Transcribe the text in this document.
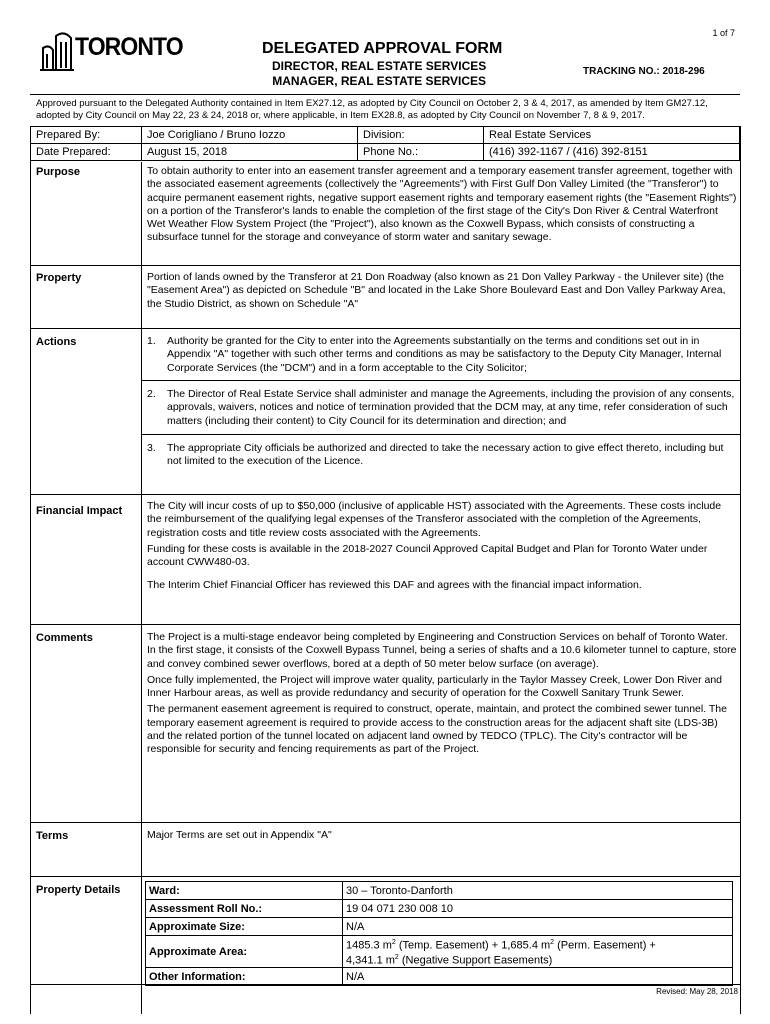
1 of 7
TORONTO	DELEGATED APPROVAL FORM
DIRECTOR, REAL ESTATE SERVICES
MANAGER, REAL ESTATE SERVICES
TRACKING NO.: 2018-296
Approved pursuant to the Delegated Authority contained in Item EX27.12, as adopted by City Council on October 2, 3 & 4, 2017, as amended by Item GM27.12, adopted by City Council on May 22, 23 & 24, 2018 or, where applicable, in Item EX28.8, as adopted by City Council on November 7, 8 & 9, 2017.
Prepared By:	Joe Corigliano / Bruno Iozzo	Division:	Real Estate Services
Date Prepared:	August 15, 2018	Phone No.:	(416) 392-1167 / (416) 392-8151
Purpose	To obtain authority to enter into an easement transfer agreement and a temporary easement transfer agreement, together with the associated easement agreements (collectively the "Agreements") with First Gulf Don Valley Limited (the "Transferor") to acquire permanent easement rights, negative support easement rights and temporary easement rights (the "Easement Rights") on a portion of the Transferor's lands to enable the completion of the first stage of the City's Don River & Central Waterfront Wet Weather Flow System Project (the "Project"), also known as the Coxwell Bypass, which consists of constructing a subsurface tunnel for the storage and conveyance of storm water and sanitary sewage.
Property	Portion of lands owned by the Transferor at 21 Don Roadway (also known as 21 Don Valley Parkway - the Unilever site) (the "Easement Area") as depicted on Schedule "B" and located in the Lake Shore Boulevard East and Don Valley Parkway Area, the Studio District, as shown on Schedule "A"
Actions	1. Authority be granted for the City to enter into the Agreements substantially on the terms and conditions set out in in Appendix "A" together with such other terms and conditions as may be satisfactory to the Deputy City Manager, Internal Corporate Services (the "DCM") and in a form acceptable to the City Solicitor;
2. The Director of Real Estate Service shall administer and manage the Agreements, including the provision of any consents, approvals, waivers, notices and notice of termination provided that the DCM may, at any time, refer consideration of such matters (including their content) to City Council for its determination and direction; and
3. The appropriate City officials be authorized and directed to take the necessary action to give effect thereto, including but not limited to the execution of the Licence.
Financial Impact The City will incur costs of up to $50,000 (inclusive of applicable HST) associated with the Agreements. These costs include the reimbursement of the qualifying legal expenses of the Transferor associated with the completion of the Agreements, registration costs and title review costs associated with the Agreements.

Funding for these costs is available in the 2018-2027 Council Approved Capital Budget and Plan for Toronto Water under account CWW480-03.

The Interim Chief Financial Officer has reviewed this DAF and agrees with the financial impact information.

Comments	The Project is a multi-stage endeavor being completed by Engineering and Construction Services on behalf of Toronto Water. In the first stage, it consists of the Coxwell Bypass Tunnel, being a series of shafts and a 10.6 kilometer tunnel to capture, store and convey combined sewer overflows, bored at a depth of 50 meter below surface (on average).

Once fully implemented, the Project will improve water quality, particularly in the Taylor Massey Creek, Lower Don River and Inner Harbour areas, as well as provide redundancy and security of operation for the Coxwell Sanitary Trunk Sewer.

The permanent easement agreement is required to construct, operate, maintain, and protect the combined sewer tunnel. The temporary easement agreement is required to provide access to the construction areas for the adjacent shaft site (LDS-3B) and the related portion of the tunnel located on adjacent land owned by TEDCO (TPLC). The City's contractor will be responsible for security and fencing requirements as part of the Project.

Terms	Major Terms are set out in Appendix "A"
Property Details	Ward:	30 – Toronto-Danforth
Assessment Roll No.:	19 04 071 230 008 10
Approximate Size:	N/A
Approximate Area:	1485.3 $m^2$ (Temp. Easement) + 1,685.4 $m^2$ (Perm. Easement) +
4,341.1 $m^2$ (Negative Support Easements)
Other Information:	N/A
Revised: May 28, 2018
